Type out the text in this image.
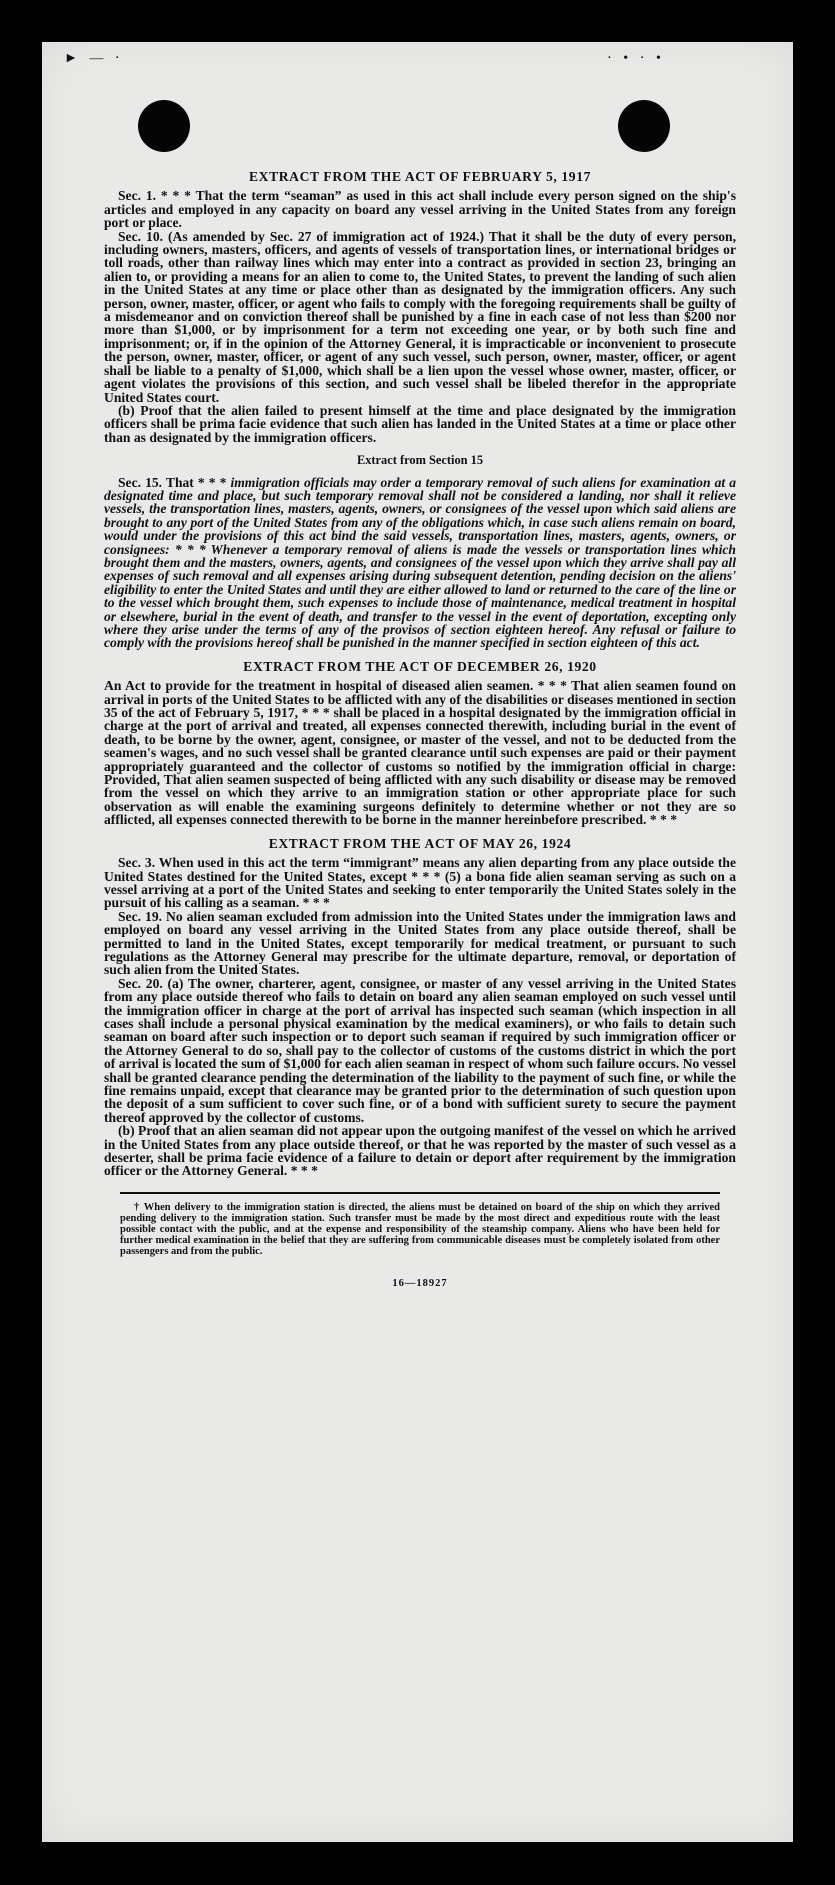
► — ⋅	⋅ • ⋅ •
EXTRACT FROM THE ACT OF FEBRUARY 5, 1917

Sec. 1. * * * That the term “seaman” as used in this act shall include every person signed on the ship's articles and employed in any capacity on board any vessel arriving in the United States from any foreign port or place.

Sec. 10. (As amended by Sec. 27 of immigration act of 1924.) That it shall be the duty of every person, including owners, masters, officers, and agents of vessels of transportation lines, or international bridges or toll roads, other than railway lines which may enter into a contract as provided in section 23, bringing an alien to, or providing a means for an alien to come to, the United States, to prevent the landing of such alien in the United States at any time or place other than as designated by the immigration officers. Any such person, owner, master, officer, or agent who fails to comply with the foregoing requirements shall be guilty of a misdemeanor and on conviction thereof shall be punished by a fine in each case of not less than $200 nor more than $1,000, or by imprisonment for a term not exceeding one year, or by both such fine and imprisonment; or, if in the opinion of the Attorney General, it is impracticable or inconvenient to prosecute the person, owner, master, officer, or agent of any such vessel, such person, owner, master, officer, or agent shall be liable to a penalty of $1,000, which shall be a lien upon the vessel whose owner, master, officer, or agent violates the provisions of this section, and such vessel shall be libeled therefor in the appropriate United States court.

(b) Proof that the alien failed to present himself at the time and place designated by the immigration officers shall be prima facie evidence that such alien has landed in the United States at a time or place other than as designated by the immigration officers.

Extract from Section 15

Sec. 15. That * * * immigration officials may order a temporary removal of such aliens for examination at a designated time and place, but such temporary removal shall not be considered a landing, nor shall it relieve vessels, the transportation lines, masters, agents, owners, or consignees of the vessel upon which said aliens are brought to any port of the United States from any of the obligations which, in case such aliens remain on board, would under the provisions of this act bind the said vessels, transportation lines, masters, agents, owners, or consignees: * * * Whenever a temporary removal of aliens is made the vessels or transportation lines which brought them and the masters, owners, agents, and consignees of the vessel upon which they arrive shall pay all expenses of such removal and all expenses arising during subsequent detention, pending decision on the aliens' eligibility to enter the United States and until they are either allowed to land or returned to the care of the line or to the vessel which brought them, such expenses to include those of maintenance, medical treatment in hospital or elsewhere, burial in the event of death, and transfer to the vessel in the event of deportation, excepting only where they arise under the terms of any of the provisos of section eighteen hereof. Any refusal or failure to comply with the provisions hereof shall be punished in the manner specified in section eighteen of this act.

EXTRACT FROM THE ACT OF DECEMBER 26, 1920

An Act to provide for the treatment in hospital of diseased alien seamen. * * * That alien seamen found on arrival in ports of the United States to be afflicted with any of the disabilities or diseases mentioned in section 35 of the act of February 5, 1917, * * * shall be placed in a hospital designated by the immigration official in charge at the port of arrival and treated, all expenses connected therewith, including burial in the event of death, to be borne by the owner, agent, consignee, or master of the vessel, and not to be deducted from the seamen's wages, and no such vessel shall be granted clearance until such expenses are paid or their payment appropriately guaranteed and the collector of customs so notified by the immigration official in charge: Provided, That alien seamen suspected of being afflicted with any such disability or disease may be removed from the vessel on which they arrive to an immigration station or other appropriate place for such observation as will enable the examining surgeons definitely to determine whether or not they are so afflicted, all expenses connected therewith to be borne in the manner hereinbefore prescribed. * * *

EXTRACT FROM THE ACT OF MAY 26, 1924

Sec. 3. When used in this act the term “immigrant” means any alien departing from any place outside the United States destined for the United States, except * * * (5) a bona fide alien seaman serving as such on a vessel arriving at a port of the United States and seeking to enter temporarily the United States solely in the pursuit of his calling as a seaman. * * *

Sec. 19. No alien seaman excluded from admission into the United States under the immigration laws and employed on board any vessel arriving in the United States from any place outside thereof, shall be permitted to land in the United States, except temporarily for medical treatment, or pursuant to such regulations as the Attorney General may prescribe for the ultimate departure, removal, or deportation of such alien from the United States.

Sec. 20. (a) The owner, charterer, agent, consignee, or master of any vessel arriving in the United States from any place outside thereof who fails to detain on board any alien seaman employed on such vessel until the immigration officer in charge at the port of arrival has inspected such seaman (which inspection in all cases shall include a personal physical examination by the medical examiners), or who fails to detain such seaman on board after such inspection or to deport such seaman if required by such immigration officer or the Attorney General to do so, shall pay to the collector of customs of the customs district in which the port of arrival is located the sum of $1,000 for each alien seaman in respect of whom such failure occurs. No vessel shall be granted clearance pending the determination of the liability to the payment of such fine, or while the fine remains unpaid, except that clearance may be granted prior to the determination of such question upon the deposit of a sum sufficient to cover such fine, or of a bond with sufficient surety to secure the payment thereof approved by the collector of customs.

(b) Proof that an alien seaman did not appear upon the outgoing manifest of the vessel on which he arrived in the United States from any place outside thereof, or that he was reported by the master of such vessel as a deserter, shall be prima facie evidence of a failure to detain or deport after requirement by the immigration officer or the Attorney General. * * *

† When delivery to the immigration station is directed, the aliens must be detained on board of the ship on which they arrived pending delivery to the immigration station. Such transfer must be made by the most direct and expeditious route with the least possible contact with the public, and at the expense and responsibility of the steamship company. Aliens who have been held for further medical examination in the belief that they are suffering from communicable diseases must be completely isolated from other passengers and from the public.

16—18927
